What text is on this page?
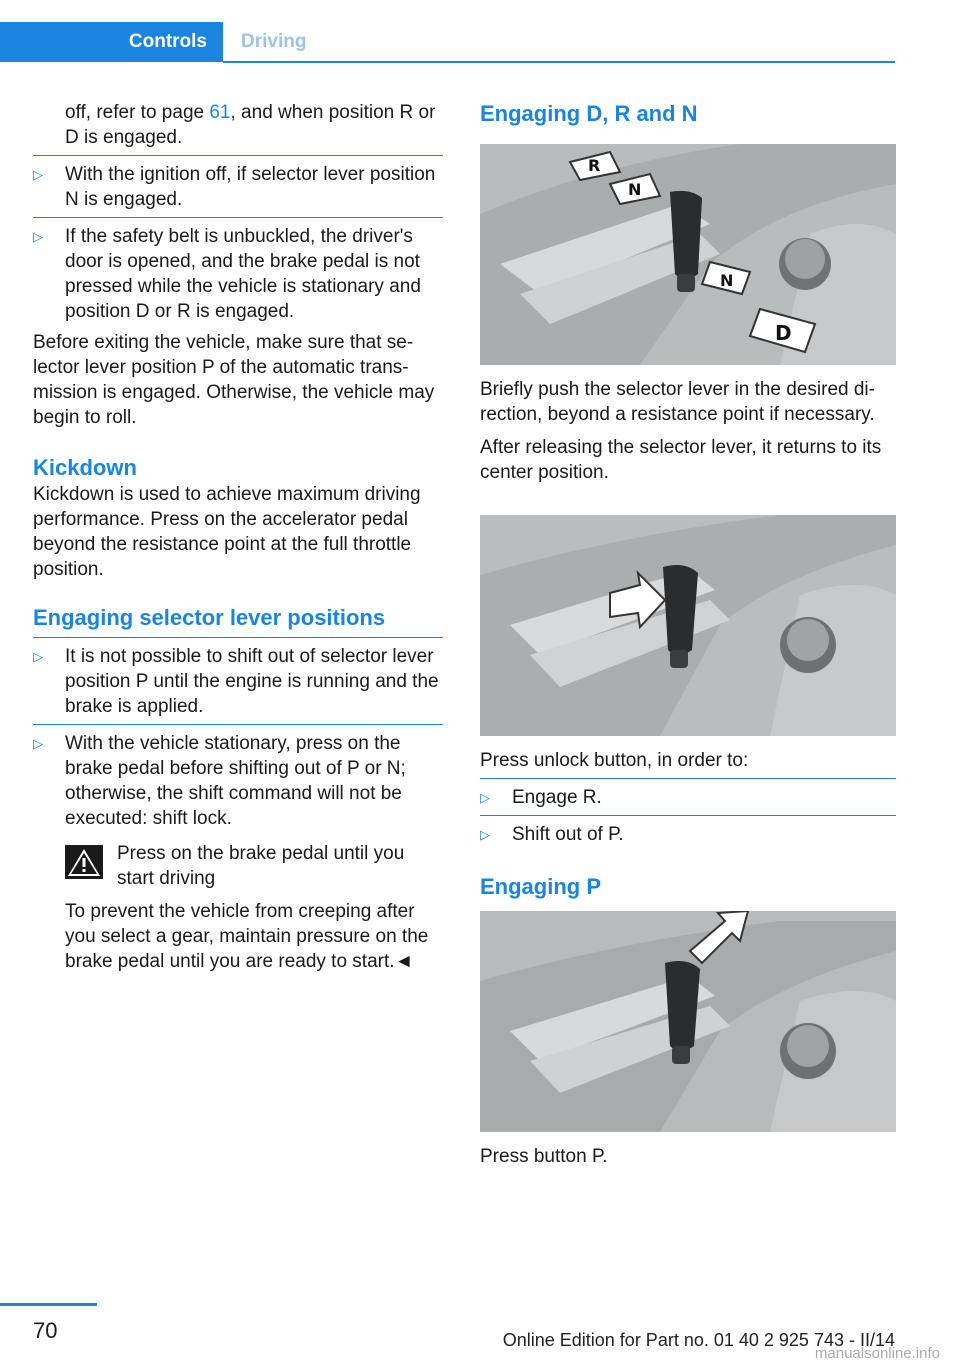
Controls	Driving

off, refer to page 61, and when position R or D is engaged.

▷	With the ignition off, if selector lever position N is engaged.
▷	If the safety belt is unbuckled, the driver's door is opened, and the brake pedal is not pressed while the vehicle is stationary and position D or R is engaged.

Before exiting the vehicle, make sure that selector lever position P of the automatic transmission is engaged. Otherwise, the vehicle may begin to roll.

Kickdown

Kickdown is used to achieve maximum driving performance. Press on the accelerator pedal beyond the resistance point at the full throttle position.

Engaging selector lever positions
▷	It is not possible to shift out of selector lever position P until the engine is running and the brake is applied.
▷	With the vehicle stationary, press on the brake pedal before shifting out of P or N; otherwise, the shift command will not be executed: shift lock.
Press on the brake pedal until you start driving

To prevent the vehicle from creeping after you select a gear, maintain pressure on the brake pedal until you are ready to start.◄

Engaging D, R and N
R
N
N
D

Briefly push the selector lever in the desired direction, beyond a resistance point if necessary.

After releasing the selector lever, it returns to its center position.

Press unlock button, in order to:

▷	Engage R.
▷	Shift out of P.
Engaging P

Press button P.

70	Online Edition for Part no. 01 40 2 925 743 - II/14
manualsonline.info
